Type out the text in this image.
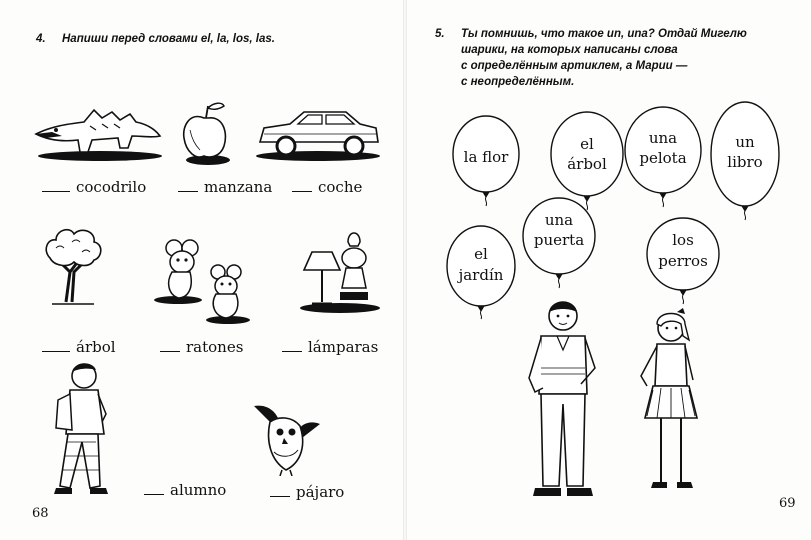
4. Напиши перед словами el, la, los, las.
cocodrilo	manzana	coche
árbol	ratones	lámparas
alumno	pájaro
68
5. Ты помнишь, что такое un, una? Отдай Мигелю
шарики, на которых написаны слова
с определённым артиклем, а Марии —
с неопределённым.
la flor
el
árbol
una
pelota
un
libro
una
puerta
el
jardín
los
perros
69
